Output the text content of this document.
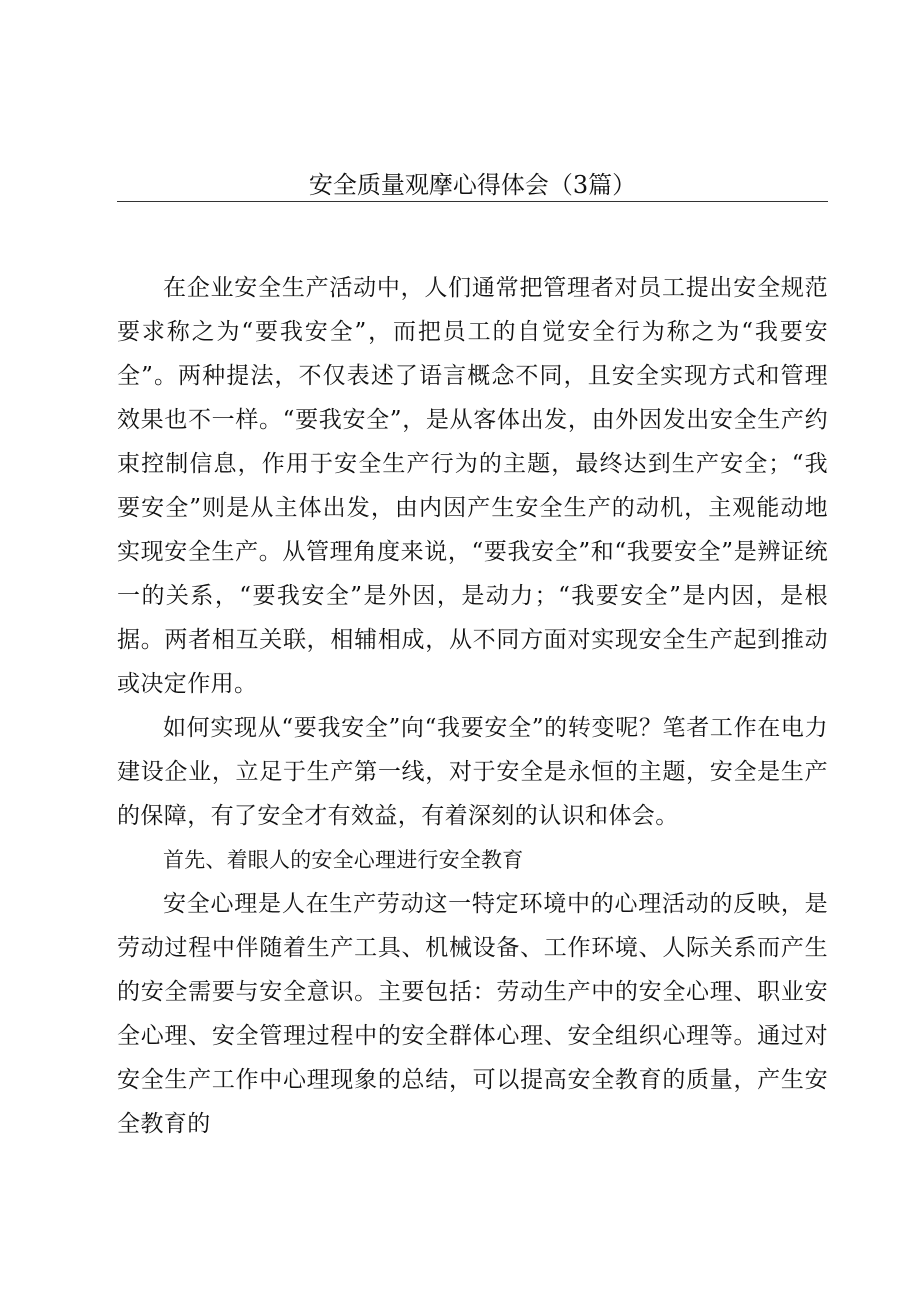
安全质量观摩心得体会（3篇）

在企业安全生产活动中，人们通常把管理者对员工提出安全规范要求称之为“要我安全”，而把员工的自觉安全行为称之为“我要安全”。两种提法，不仅表述了语言概念不同，且安全实现方式和管理效果也不一样。“要我安全”，是从客体出发，由外因发出安全生产约束控制信息，作用于安全生产行为的主题，最终达到生产安全；“我要安全”则是从主体出发，由内因产生安全生产的动机，主观能动地实现安全生产。从管理角度来说，“要我安全”和“我要安全”是辨证统一的关系，“要我安全”是外因，是动力；“我要安全”是内因，是根据。两者相互关联，相辅相成，从不同方面对实现安全生产起到推动或决定作用。

如何实现从“要我安全”向“我要安全”的转变呢？笔者工作在电力建设企业，立足于生产第一线，对于安全是永恒的主题，安全是生产的保障，有了安全才有效益，有着深刻的认识和体会。

首先、着眼人的安全心理进行安全教育

安全心理是人在生产劳动这一特定环境中的心理活动的反映，是劳动过程中伴随着生产工具、机械设备、工作环境、人际关系而产生的安全需要与安全意识。主要包括：劳动生产中的安全心理、职业安全心理、安全管理过程中的安全群体心理、安全组织心理等。通过对安全生产工作中心理现象的总结，可以提高安全教育的质量，产生安全教育的
